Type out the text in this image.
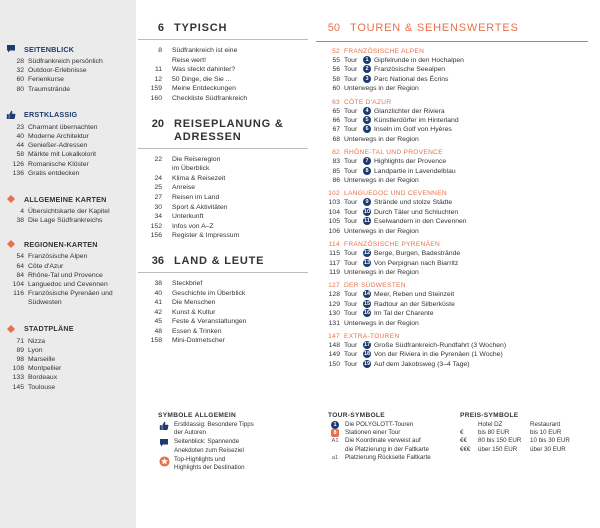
SEITENBLICK
28 Südfrankreich persönlich
32 Outdoor-Erlebnisse
60 Ferienkurse
80 Traumstrände
ERSTKLASSIG
23 Charmant übernachten
40 Moderne Architektur
44 Genießer-Adressen
58 Märkte mit Lokalkolorit
126 Romanische Klöster
136 Gratis entdecken
ALLGEMEINE KARTEN
4 Übersichtskarte der Kapitel
38 Die Lage Südfrankreichs
REGIONEN-KARTEN
54 Französische Alpen
64 Côte d'Azur
84 Rhône-Tal und Provence
104 Languedoc und Cevennen
116 Französische Pyrenäen und
Südwesten
STADTPLÄNE
71 Nizza
89 Lyon
98 Marseille
108 Montpellier
133 Bordeaux
145 Toulouse
6 TYPISCH
8	Südfrankreich ist eine
Reise wert!
11	Was steckt dahinter?
12	50 Dinge, die Sie ...
159	Meine Entdeckungen
160	Checkliste Südfrankreich
20 REISEPLANUNG &
ADRESSEN
22	Die Reiseregion
im Überblick
24	Klima & Reisezeit
25	Anreise
27	Reisen im Land
30	Sport & Aktivitäten
34	Unterkunft
152	Infos von A–Z
156	Register & Impressum
36 LAND & LEUTE
38	Steckbrief
40	Geschichte im Überblick
41	Die Menschen
42	Kunst & Kultur
45	Feste & Veranstaltungen
48	Essen & Trinken
158	Mini-Dolmetscher
50 TOUREN & SEHENSWERTES
52 FRANZÖSISCHE ALPEN
55 Tour	1 Gipfelrunde in den Hochalpen
56 Tour	2 Französische Seealpen
58 Tour	3 Parc National des Écrins
60 Unterwegs in der Region
63 CÔTE D'AZUR
65 Tour	4 Glanzlichter der Riviera
66 Tour	5 Künstlerdörfer im Hinterland
67 Tour	6 Inseln im Golf von Hyères
68 Unterwegs in der Region
82 RHÔNE-TAL UND PROVENCE
83 Tour	7 Highlights der Provence
85 Tour	8 Landpartie in Lavendelblau
86 Unterwegs in der Region
102 LANGUEDOC UND CEVENNEN
103 Tour	9 Strände und stolze Städte
104 Tour	10 Durch Täler und Schluchten
105 Tour	11 Eselwandern in den Cevennen
106 Unterwegs in der Region
114 FRANZÖSISCHE PYRENÄEN
115 Tour	12 Berge, Burgen, Badestrände
117 Tour	13 Von Perpignan nach Biarritz
119 Unterwegs in der Region
127 DER SÜDWESTEN
128 Tour	14 Meer, Reben und Steinzeit
129 Tour	15 Radtour an der Silberküste
130 Tour	16 Im Tal der Charente
131 Unterwegs in der Region
147 EXTRA-TOUREN
148 Tour	17 Große Südfrankreich-Rundfahrt (3 Wochen)
149 Tour	18 Von der Riviera in die Pyrenäen (1 Woche)
150 Tour	19 Auf dem Jakobsweg (3–4 Tage)
SYMBOLE ALLGEMEIN
Erstklassig: Besondere Tipps
der Autoren
Seitenblick: Spannende
Anekdoten zum Reiseziel
Top-Highlights und
Highlights der Destination
TOUR-SYMBOLE
1	Die POLYGLOTT-Touren
8	Stationen einer Tour
A1 Die Koordinate verweist auf
die Platzierung in der Faltkarte
a1 Platzierung Rückseite Faltkarte
PREIS-SYMBOLE
Hotel DZ	Restaurant
€	bis 80 EUR	bis 10 EUR
€€	80 bis 150 EUR	10 bis 30 EUR
€€€	über 150 EUR	über 30 EUR
